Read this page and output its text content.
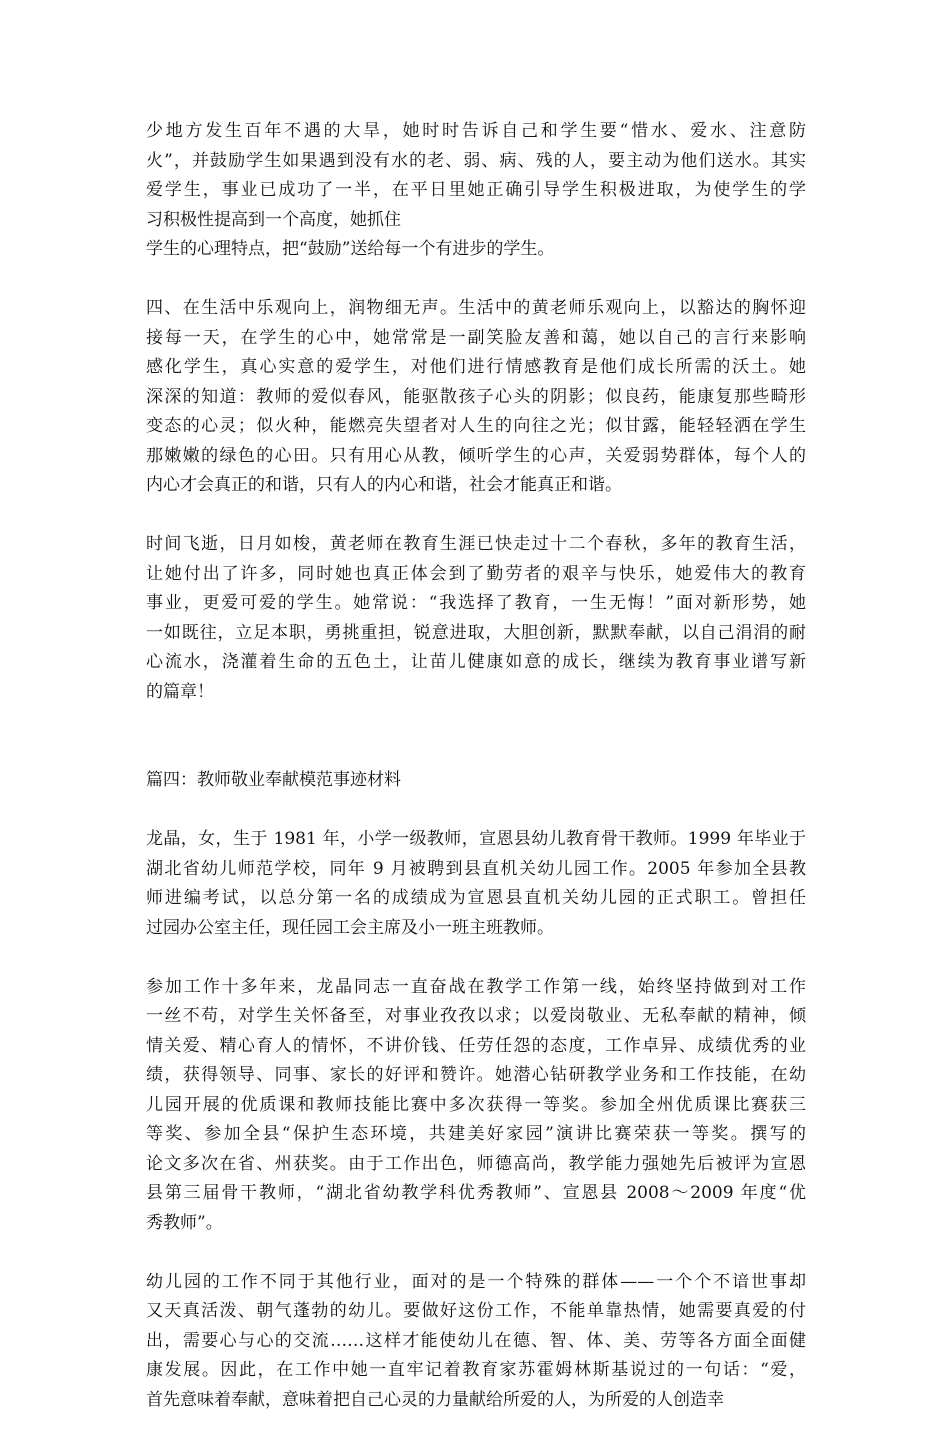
少地方发生百年不遇的大旱，她时时告诉自己和学生要“惜水、爱水、注意防
火”，并鼓励学生如果遇到没有水的老、弱、病、残的人，要主动为他们送水。其实
爱学生，事业已成功了一半，在平日里她正确引导学生积极进取，为使学生的学
习积极性提高到一个高度，她抓住
学生的心理特点，把“鼓励”送给每一个有进步的学生。
四、在生活中乐观向上，润物细无声。生活中的黄老师乐观向上，以豁达的胸怀迎
接每一天，在学生的心中，她常常是一副笑脸友善和蔼，她以自己的言行来影响
感化学生，真心实意的爱学生，对他们进行情感教育是他们成长所需的沃土。她
深深的知道：教师的爱似春风，能驱散孩子心头的阴影；似良药，能康复那些畸形
变态的心灵；似火种，能燃亮失望者对人生的向往之光；似甘露，能轻轻洒在学生
那嫩嫩的绿色的心田。只有用心从教，倾听学生的心声，关爱弱势群体，每个人的
内心才会真正的和谐，只有人的内心和谐，社会才能真正和谐。
时间飞逝，日月如梭，黄老师在教育生涯已快走过十二个春秋，多年的教育生活，
让她付出了许多，同时她也真正体会到了勤劳者的艰辛与快乐，她爱伟大的教育
事业，更爱可爱的学生。她常说：“我选择了教育，一生无悔！”面对新形势，她
一如既往，立足本职，勇挑重担，锐意进取，大胆创新，默默奉献，以自己涓涓的耐
心流水，浇灌着生命的五色土，让苗儿健康如意的成长，继续为教育事业谱写新
的篇章！

篇四：教师敬业奉献模范事迹材料

龙晶，女，生于 1981 年，小学一级教师，宣恩县幼儿教育骨干教师。1999 年毕业于
湖北省幼儿师范学校，同年 9 月被聘到县直机关幼儿园工作。2005 年参加全县教
师进编考试，以总分第一名的成绩成为宣恩县直机关幼儿园的正式职工。曾担任
过园办公室主任，现任园工会主席及小一班主班教师。
参加工作十多年来，龙晶同志一直奋战在教学工作第一线，始终坚持做到对工作
一丝不苟，对学生关怀备至，对事业孜孜以求；以爱岗敬业、无私奉献的精神，倾
情关爱、精心育人的情怀，不讲价钱、任劳任怨的态度，工作卓异、成绩优秀的业
绩，获得领导、同事、家长的好评和赞许。她潜心钻研教学业务和工作技能，在幼
儿园开展的优质课和教师技能比赛中多次获得一等奖。参加全州优质课比赛获三
等奖、参加全县“保护生态环境，共建美好家园”演讲比赛荣获一等奖。撰写的
论文多次在省、州获奖。由于工作出色，师德高尚，教学能力强她先后被评为宣恩
县第三届骨干教师，“湖北省幼教学科优秀教师”、宣恩县 2008～2009 年度“优
秀教师”。
幼儿园的工作不同于其他行业，面对的是一个特殊的群体——一个个不谙世事却
又天真活泼、朝气蓬勃的幼儿。要做好这份工作，不能单靠热情，她需要真爱的付
出，需要心与心的交流……这样才能使幼儿在德、智、体、美、劳等各方面全面健
康发展。因此，在工作中她一直牢记着教育家苏霍姆林斯基说过的一句话：“爱，
首先意味着奉献，意味着把自己心灵的力量献给所爱的人，为所爱的人创造幸
